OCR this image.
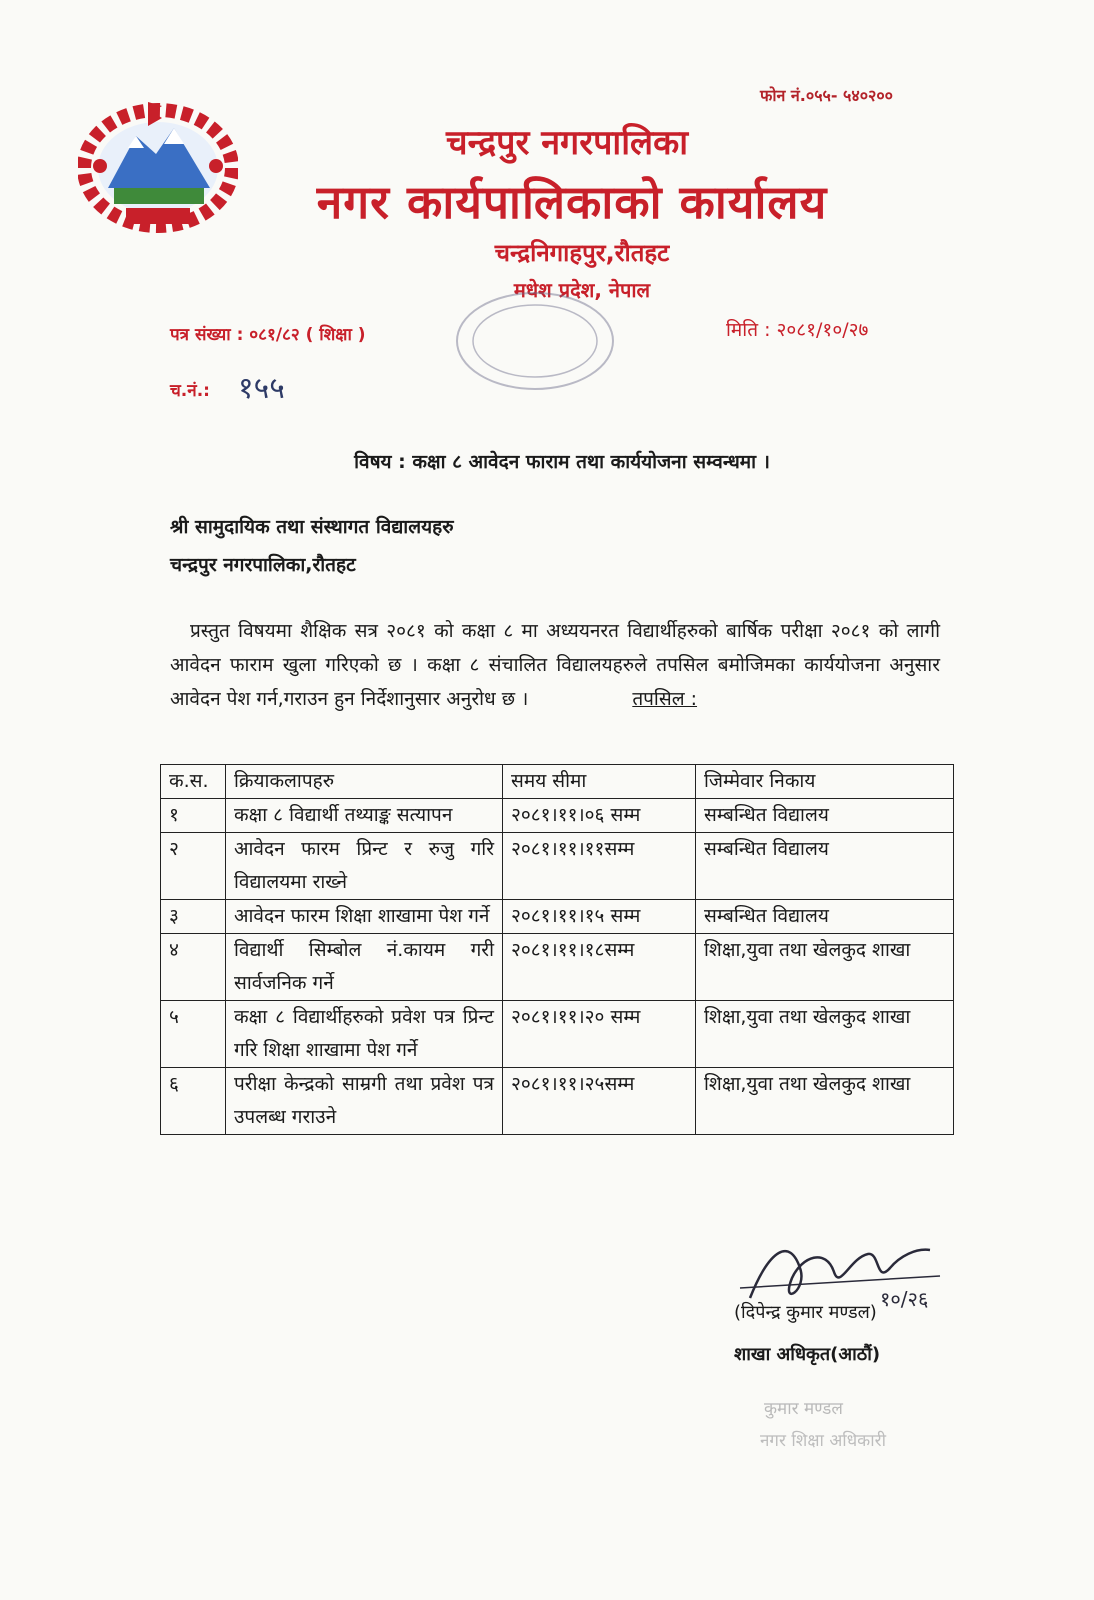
फोन नं.०५५- ५४०२००
चन्द्रपुर नगरपालिका
नगर कार्यपालिकाको कार्यालय
चन्द्रनिगाहपुर,रौतहट
मधेश प्रदेश, नेपाल
पत्र संख्या : ०८१/८२ ( शिक्षा )	मिति : २०८१/१०/२७
च.नं.: १५५
विषय : कक्षा ८ आवेदन फाराम तथा कार्ययोजना सम्वन्धमा ।
श्री सामुदायिक तथा संस्थागत विद्यालयहरु
चन्द्रपुर नगरपालिका,रौतहट
प्रस्तुत विषयमा शैक्षिक सत्र २०८१ को कक्षा ८ मा अध्ययनरत विद्यार्थीहरुको बार्षिक परीक्षा २०८१ को लागी आवेदन फाराम खुला गरिएको छ । कक्षा ८ संचालित विद्यालयहरुले तपसिल बमोजिमका कार्ययोजना अनुसार आवेदन पेश गर्न,गराउन हुन निर्देशानुसार अनुरोध छ ।	तपसिल :
क.स.	क्रियाकलापहरु	समय सीमा	जिम्मेवार निकाय
१	कक्षा ८ विद्यार्थी तथ्याङ्क सत्यापन	२०८१।११।०६ सम्म	सम्बन्धित विद्यालय
२	आवेदन फारम प्रिन्ट र रुजु गरि विद्यालयमा राख्ने	२०८१।११।११सम्म	सम्बन्धित विद्यालय
३	आवेदन फारम शिक्षा शाखामा पेश गर्ने	२०८१।११।१५ सम्म	सम्बन्धित विद्यालय
४	विद्यार्थी सिम्बोल नं.कायम गरी सार्वजनिक गर्ने	२०८१।११।१८सम्म	शिक्षा,युवा तथा खेलकुद शाखा
५	कक्षा ८ विद्यार्थीहरुको प्रवेश पत्र प्रिन्ट गरि शिक्षा शाखामा पेश गर्ने	२०८१।११।२० सम्म	शिक्षा,युवा तथा खेलकुद शाखा
६	परीक्षा केन्द्रको साम्रगी तथा प्रवेश पत्र उपलब्ध गराउने	२०८१।११।२५सम्म	शिक्षा,युवा तथा खेलकुद शाखा
१०/२६
(दिपेन्द्र कुमार मण्डल)
शाखा अधिकृत(आठौं)
कुमार मण्डल
नगर शिक्षा अधिकारी
